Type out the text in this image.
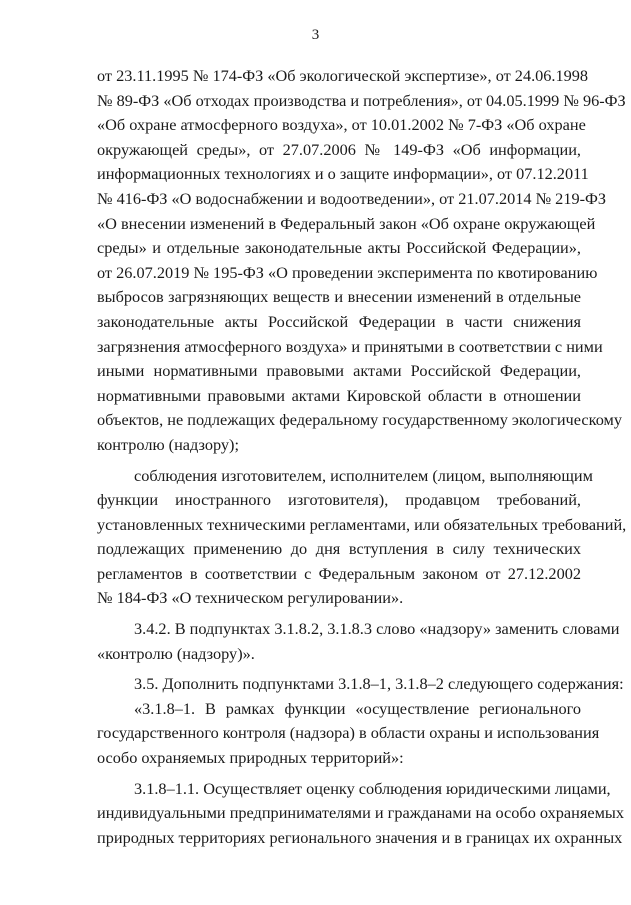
3
от 23.11.1995 № 174-ФЗ «Об экологической экспертизе», от 24.06.1998
№ 89-ФЗ «Об отходах производства и потребления», от 04.05.1999 № 96-ФЗ
«Об охране атмосферного воздуха», от 10.01.2002 № 7-ФЗ «Об охране
окружающей среды», от 27.07.2006 № 149-ФЗ «Об информации,
информационных технологиях и о защите информации», от 07.12.2011
№ 416-ФЗ «О водоснабжении и водоотведении», от 21.07.2014 № 219-ФЗ
«О внесении изменений в Федеральный закон «Об охране окружающей
среды» и отдельные законодательные акты Российской Федерации»,
от 26.07.2019 № 195-ФЗ «О проведении эксперимента по квотированию
выбросов загрязняющих веществ и внесении изменений в отдельные
законодательные акты Российской Федерации в части снижения
загрязнения атмосферного воздуха» и принятыми в соответствии с ними
иными нормативными правовыми актами Российской Федерации,
нормативными правовыми актами Кировской области в отношении
объектов, не подлежащих федеральному государственному экологическому
контролю (надзору);
соблюдения изготовителем, исполнителем (лицом, выполняющим
функции иностранного изготовителя), продавцом требований,
установленных техническими регламентами, или обязательных требований,
подлежащих применению до дня вступления в силу технических
регламентов в соответствии с Федеральным законом от 27.12.2002
№ 184-ФЗ «О техническом регулировании».
3.4.2. В подпунктах 3.1.8.2, 3.1.8.3 слово «надзору» заменить словами
«контролю (надзору)».
3.5. Дополнить подпунктами 3.1.8–1, 3.1.8–2 следующего содержания:
«3.1.8–1. В рамках функции «осуществление регионального
государственного контроля (надзора) в области охраны и использования
особо охраняемых природных территорий»:
3.1.8–1.1. Осуществляет оценку соблюдения юридическими лицами,
индивидуальными предпринимателями и гражданами на особо охраняемых
природных территориях регионального значения и в границах их охранных
